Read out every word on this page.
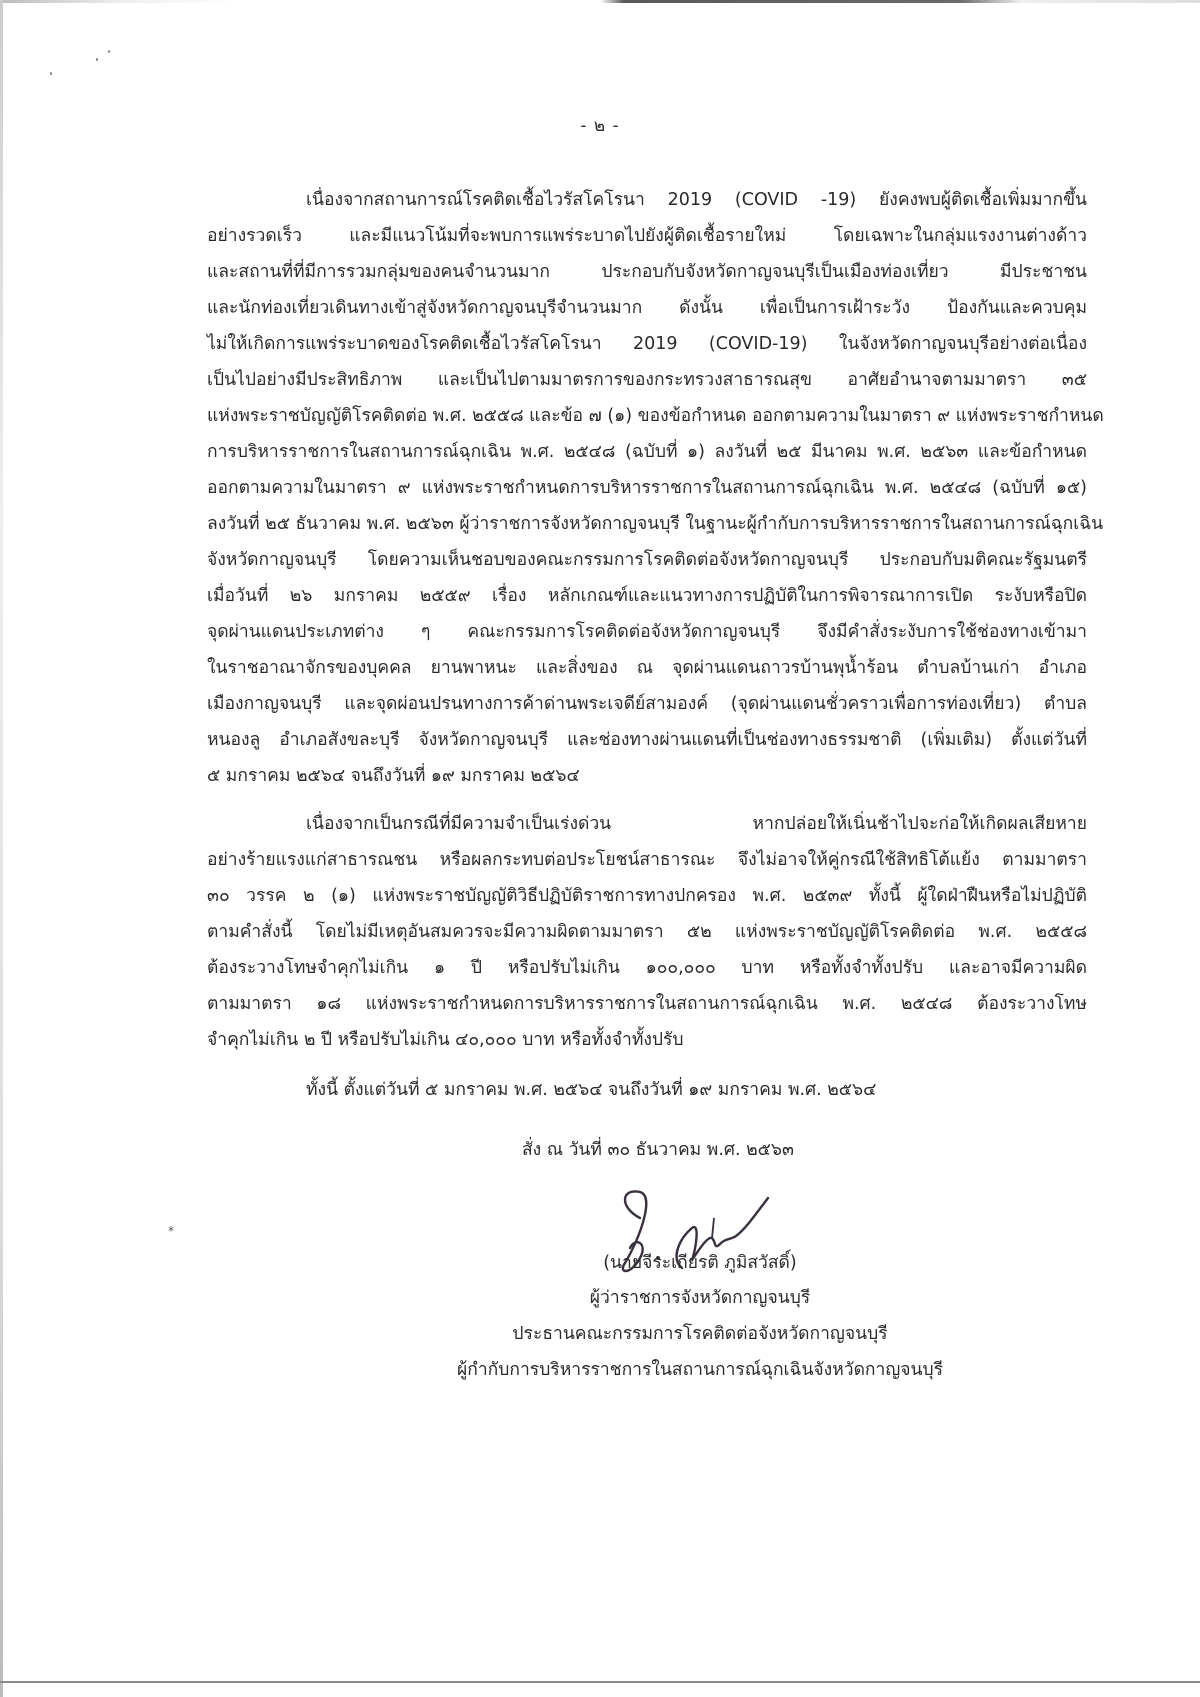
- ๒ -
เนื่องจากสถานการณ์โรคติดเชื้อไวรัสโคโรนา 2019 (COVID -19) ยังคงพบผู้ติดเชื้อเพิ่มมากขึ้น
อย่างรวดเร็ว และมีแนวโน้มที่จะพบการแพร่ระบาดไปยังผู้ติดเชื้อรายใหม่ โดยเฉพาะในกลุ่มแรงงานต่างด้าว
และสถานที่ที่มีการรวมกลุ่มของคนจำนวนมาก ประกอบกับจังหวัดกาญจนบุรีเป็นเมืองท่องเที่ยว มีประชาชน
และนักท่องเที่ยวเดินทางเข้าสู่จังหวัดกาญจนบุรีจำนวนมาก ดังนั้น เพื่อเป็นการเฝ้าระวัง ป้องกันและควบคุม
ไม่ให้เกิดการแพร่ระบาดของโรคติดเชื้อไวรัสโคโรนา 2019 (COVID-19) ในจังหวัดกาญจนบุรีอย่างต่อเนื่อง
เป็นไปอย่างมีประสิทธิภาพ และเป็นไปตามมาตรการของกระทรวงสาธารณสุข อาศัยอำนาจตามมาตรา ๓๕
แห่งพระราชบัญญัติโรคติดต่อ พ.ศ. ๒๕๕๘ และข้อ ๗ (๑) ของข้อกำหนด ออกตามความในมาตรา ๙ แห่งพระราชกำหนด
การบริหารราชการในสถานการณ์ฉุกเฉิน พ.ศ. ๒๕๔๘ (ฉบับที่ ๑) ลงวันที่ ๒๕ มีนาคม พ.ศ. ๒๕๖๓ และข้อกำหนด
ออกตามความในมาตรา ๙ แห่งพระราชกำหนดการบริหารราชการในสถานการณ์ฉุกเฉิน พ.ศ. ๒๕๔๘ (ฉบับที่ ๑๕)
ลงวันที่ ๒๕ ธันวาคม พ.ศ. ๒๕๖๓ ผู้ว่าราชการจังหวัดกาญจนบุรี ในฐานะผู้กำกับการบริหารราชการในสถานการณ์ฉุกเฉิน
จังหวัดกาญจนบุรี โดยความเห็นชอบของคณะกรรมการโรคติดต่อจังหวัดกาญจนบุรี ประกอบกับมติคณะรัฐมนตรี
เมื่อวันที่ ๒๖ มกราคม ๒๕๕๙ เรื่อง หลักเกณฑ์และแนวทางการปฏิบัติในการพิจารณาการเปิด ระงับหรือปิด
จุดผ่านแดนประเภทต่าง ๆ คณะกรรมการโรคติดต่อจังหวัดกาญจนบุรี จึงมีคำสั่งระงับการใช้ช่องทางเข้ามา
ในราชอาณาจักรของบุคคล ยานพาหนะ และสิ่งของ ณ จุดผ่านแดนถาวรบ้านพุน้ำร้อน ตำบลบ้านเก่า อำเภอ
เมืองกาญจนบุรี และจุดผ่อนปรนทางการค้าด่านพระเจดีย์สามองค์ (จุดผ่านแดนชั่วคราวเพื่อการท่องเที่ยว) ตำบล
หนองลู อำเภอสังขละบุรี จังหวัดกาญจนบุรี และช่องทางผ่านแดนที่เป็นช่องทางธรรมชาติ (เพิ่มเติม) ตั้งแต่วันที่
๕ มกราคม ๒๕๖๔ จนถึงวันที่ ๑๙ มกราคม ๒๕๖๔
เนื่องจากเป็นกรณีที่มีความจำเป็นเร่งด่วน หากปล่อยให้เนิ่นช้าไปจะก่อให้เกิดผลเสียหาย
อย่างร้ายแรงแก่สาธารณชน หรือผลกระทบต่อประโยชน์สาธารณะ จึงไม่อาจให้คู่กรณีใช้สิทธิโต้แย้ง ตามมาตรา
๓๐ วรรค ๒ (๑) แห่งพระราชบัญญัติวิธีปฏิบัติราชการทางปกครอง พ.ศ. ๒๕๓๙ ทั้งนี้ ผู้ใดฝ่าฝืนหรือไม่ปฏิบัติ
ตามคำสั่งนี้ โดยไม่มีเหตุอันสมควรจะมีความผิดตามมาตรา ๕๒ แห่งพระราชบัญญัติโรคติดต่อ พ.ศ. ๒๕๕๘
ต้องระวางโทษจำคุกไม่เกิน ๑ ปี หรือปรับไม่เกิน ๑๐๐,๐๐๐ บาท หรือทั้งจำทั้งปรับ และอาจมีความผิด
ตามมาตรา ๑๘ แห่งพระราชกำหนดการบริหารราชการในสถานการณ์ฉุกเฉิน พ.ศ. ๒๕๔๘ ต้องระวางโทษ
จำคุกไม่เกิน ๒ ปี หรือปรับไม่เกิน ๔๐,๐๐๐ บาท หรือทั้งจำทั้งปรับ
ทั้งนี้ ตั้งแต่วันที่ ๕ มกราคม พ.ศ. ๒๕๖๔ จนถึงวันที่ ๑๙ มกราคม พ.ศ. ๒๕๖๔
สั่ง ณ วันที่ ๓๐ ธันวาคม พ.ศ. ๒๕๖๓
*
(นายจีระเกียรติ ภูมิสวัสดิ์)
ผู้ว่าราชการจังหวัดกาญจนบุรี
ประธานคณะกรรมการโรคติดต่อจังหวัดกาญจนบุรี
ผู้กำกับการบริหารราชการในสถานการณ์ฉุกเฉินจังหวัดกาญจนบุรี
